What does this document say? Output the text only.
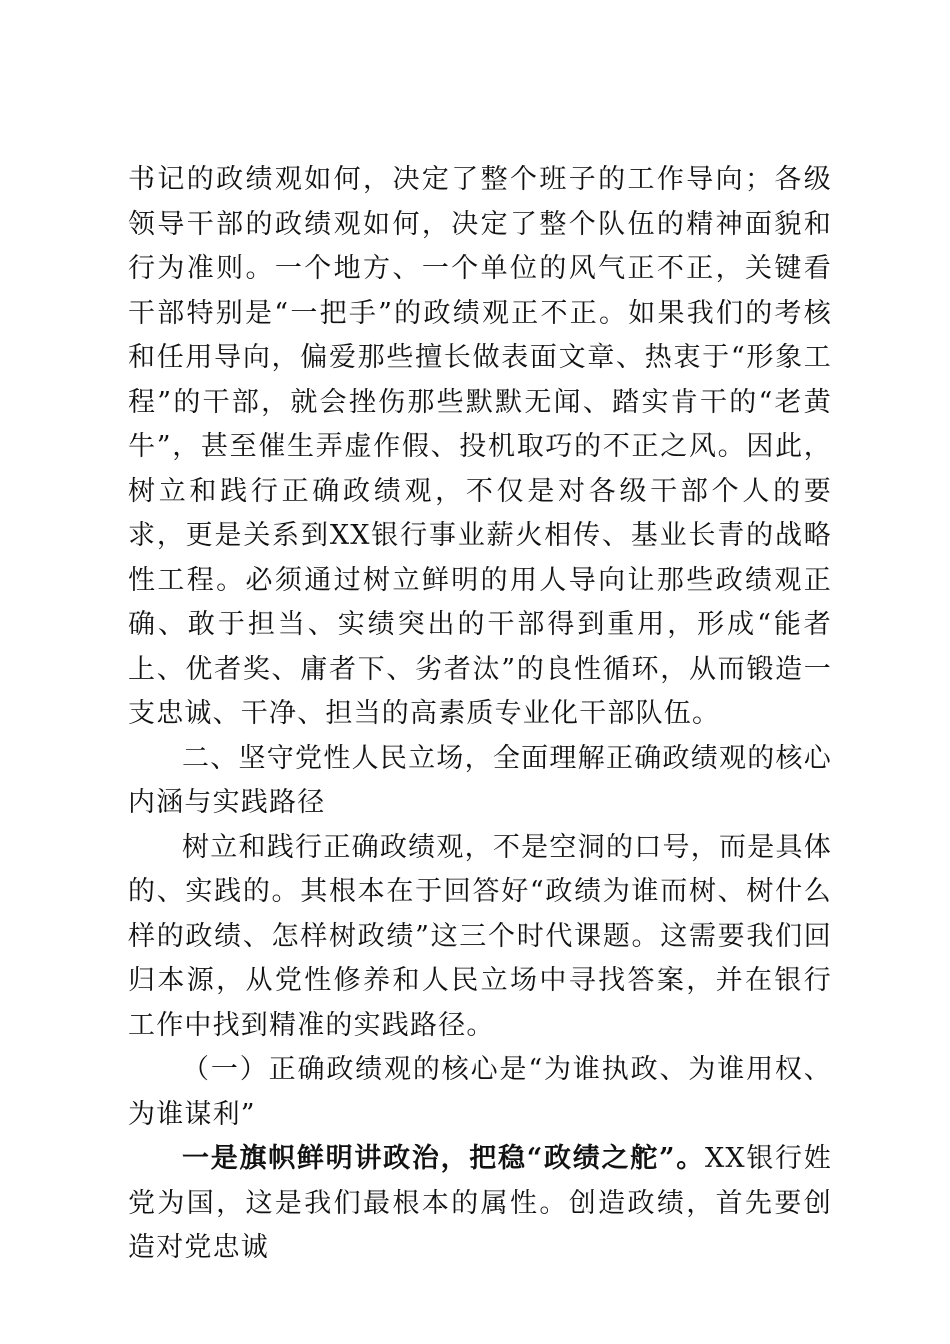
书记的政绩观如何，决定了整个班子的工作导向；各级领导干部的政绩观如何，决定了整个队伍的精神面貌和行为准则。一个地方、一个单位的风气正不正，关键看干部特别是“一把手”的政绩观正不正。如果我们的考核和任用导向，偏爱那些擅长做表面文章、热衷于“形象工程”的干部，就会挫伤那些默默无闻、踏实肯干的“老黄牛”，甚至催生弄虚作假、投机取巧的不正之风。因此，树立和践行正确政绩观，不仅是对各级干部个人的要求，更是关系到XX银行事业薪火相传、基业长青的战略性工程。必须通过树立鲜明的用人导向让那些政绩观正确、敢于担当、实绩突出的干部得到重用，形成“能者上、优者奖、庸者下、劣者汰”的良性循环，从而锻造一支忠诚、干净、担当的高素质专业化干部队伍。

二、坚守党性人民立场，全面理解正确政绩观的核心内涵与实践路径

树立和践行正确政绩观，不是空洞的口号，而是具体的、实践的。其根本在于回答好“政绩为谁而树、树什么样的政绩、怎样树政绩”这三个时代课题。这需要我们回归本源，从党性修养和人民立场中寻找答案，并在银行工作中找到精准的实践路径。

（一）正确政绩观的核心是“为谁执政、为谁用权、为谁谋利”

一是旗帜鲜明讲政治，把稳“政绩之舵”。XX银行姓党为国，这是我们最根本的属性。创造政绩，首先要创造对党忠诚
